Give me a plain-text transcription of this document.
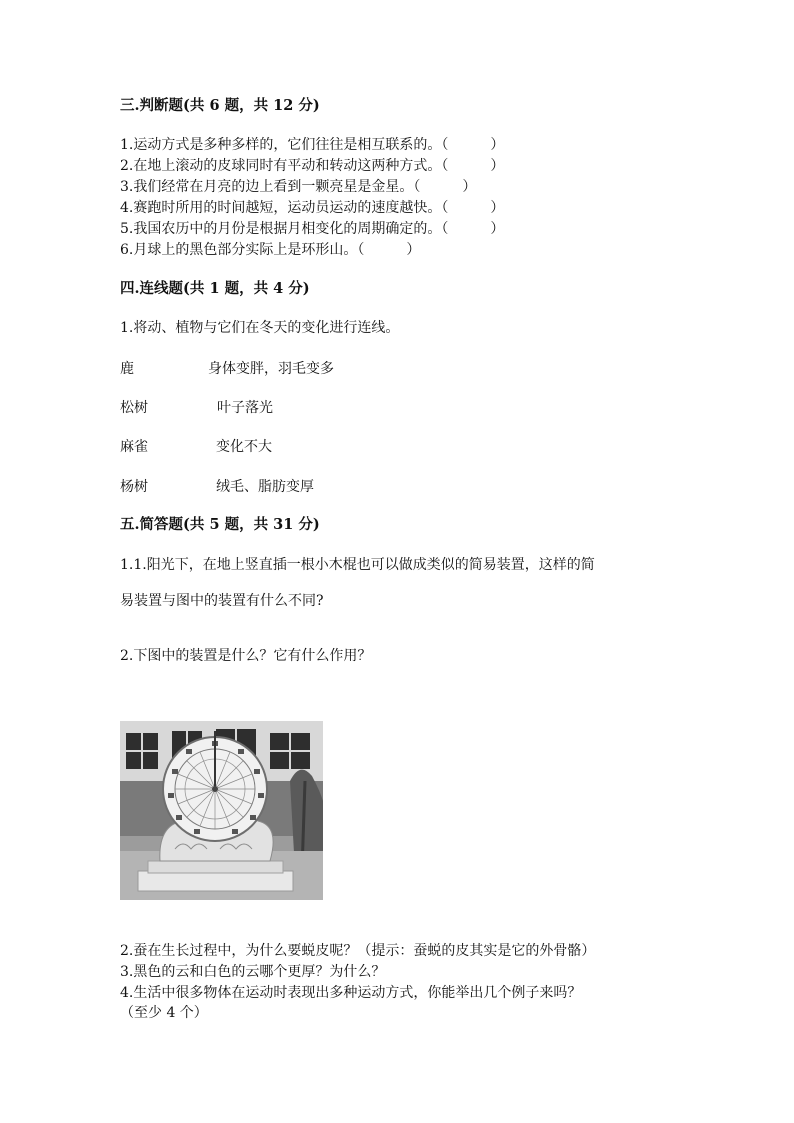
三.判断题(共 6 题，共 12 分)
1.运动方式是多种多样的，它们往往是相互联系的。（　　　）
2.在地上滚动的皮球同时有平动和转动这两种方式。（　　　）
3.我们经常在月亮的边上看到一颗亮星是金星。（　　　）
4.赛跑时所用的时间越短，运动员运动的速度越快。（　　　）
5.我国农历中的月份是根据月相变化的周期确定的。（　　　）
6.月球上的黑色部分实际上是环形山。（　　　）
四.连线题(共 1 题，共 4 分)
1.将动、植物与它们在冬天的变化进行连线。
鹿	身体变胖，羽毛变多
松树	叶子落光
麻雀	变化不大
杨树	绒毛、脂肪变厚
五.简答题(共 5 题，共 31 分)
1.1.阳光下，在地上竖直插一根小木棍也可以做成类似的简易装置，这样的简
易装置与图中的装置有什么不同?
2.下图中的装置是什么？它有什么作用？
2.蚕在生长过程中，为什么要蜕皮呢？（提示：蚕蜕的皮其实是它的外骨骼）
3.黑色的云和白色的云哪个更厚？为什么？
4.生活中很多物体在运动时表现出多种运动方式，你能举出几个例子来吗？
（至少 4 个）
